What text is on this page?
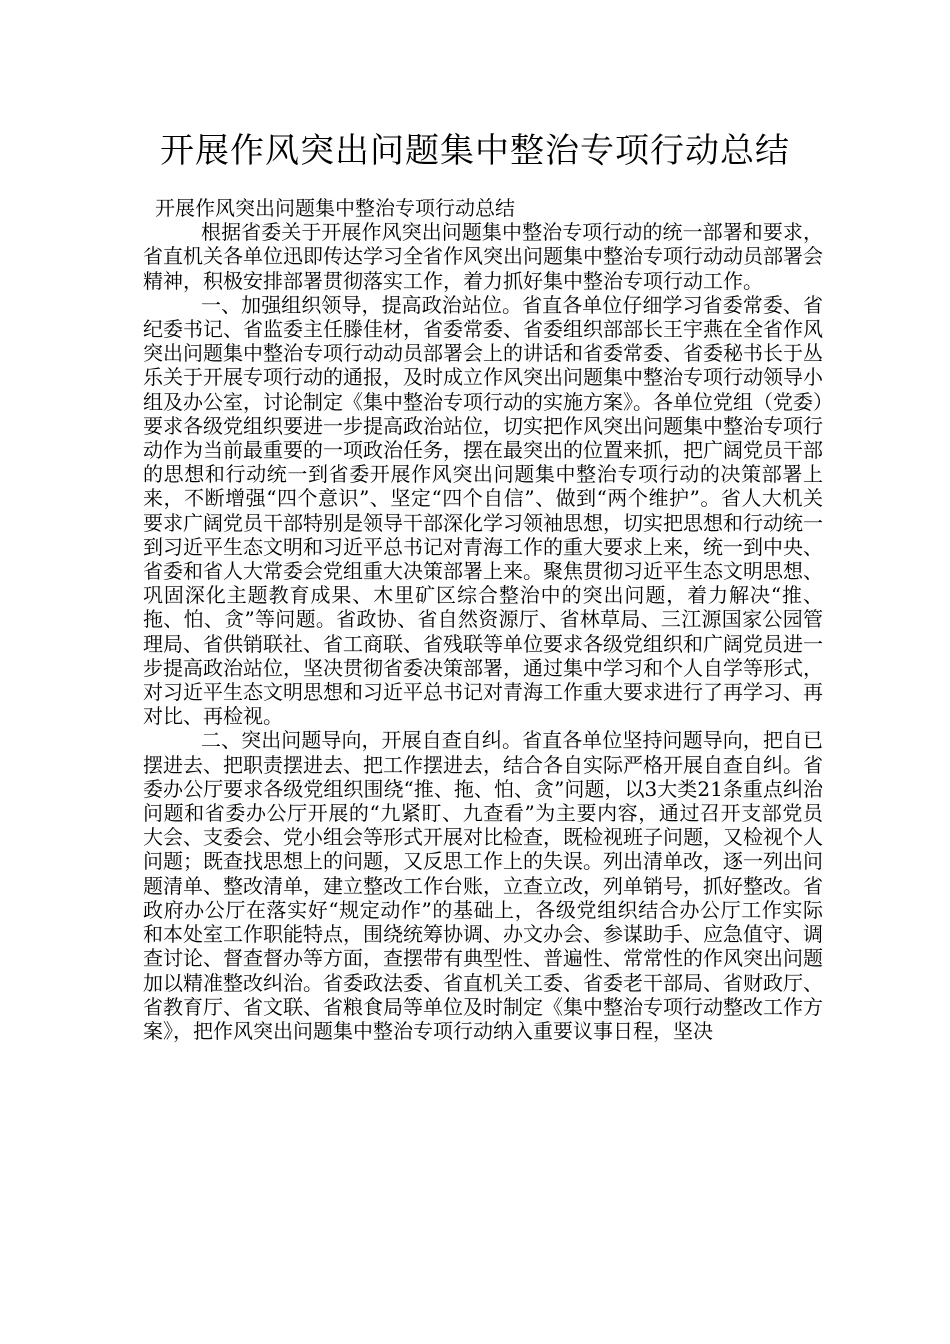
开展作风突出问题集中整治专项行动总结

开展作风突出问题集中整治专项行动总结

根据省委关于开展作风突出问题集中整治专项行动的统一部署和要求，省直机关各单位迅即传达学习全省作风突出问题集中整治专项行动动员部署会精神，积极安排部署贯彻落实工作，着力抓好集中整治专项行动工作。

一、加强组织领导，提高政治站位。省直各单位仔细学习省委常委、省纪委书记、省监委主任滕佳材，省委常委、省委组织部部长王宇燕在全省作风突出问题集中整治专项行动动员部署会上的讲话和省委常委、省委秘书长于丛乐关于开展专项行动的通报，及时成立作风突出问题集中整治专项行动领导小组及办公室，讨论制定《集中整治专项行动的实施方案》。各单位党组（党委）要求各级党组织要进一步提高政治站位，切实把作风突出问题集中整治专项行动作为当前最重要的一项政治任务，摆在最突出的位置来抓，把广阔党员干部的思想和行动统一到省委开展作风突出问题集中整治专项行动的决策部署上来，不断增强“四个意识”、坚定“四个自信”、做到“两个维护”。省人大机关要求广阔党员干部特别是领导干部深化学习领袖思想，切实把思想和行动统一到习近平生态文明和习近平总书记对青海工作的重大要求上来，统一到中央、省委和省人大常委会党组重大决策部署上来。聚焦贯彻习近平生态文明思想、巩固深化主题教育成果、木里矿区综合整治中的突出问题，着力解决“推、拖、怕、贪”等问题。省政协、省自然资源厅、省林草局、三江源国家公园管理局、省供销联社、省工商联、省残联等单位要求各级党组织和广阔党员进一步提高政治站位，坚决贯彻省委决策部署，通过集中学习和个人自学等形式，对习近平生态文明思想和习近平总书记对青海工作重大要求进行了再学习、再对比、再检视。

二、突出问题导向，开展自查自纠。省直各单位坚持问题导向，把自已摆进去、把职责摆进去、把工作摆进去，结合各自实际严格开展自查自纠。省委办公厅要求各级党组织围绕“推、拖、怕、贪”问题，以3大类21条重点纠治问题和省委办公厅开展的“九紧盯、九查看”为主要内容，通过召开支部党员大会、支委会、党小组会等形式开展对比检查，既检视班子问题，又检视个人问题；既查找思想上的问题，又反思工作上的失误。列出清单改，逐一列出问题清单、整改清单，建立整改工作台账，立查立改，列单销号，抓好整改。省政府办公厅在落实好“规定动作”的基础上，各级党组织结合办公厅工作实际和本处室工作职能特点，围绕统筹协调、办文办会、参谋助手、应急值守、调查讨论、督查督办等方面，查摆带有典型性、普遍性、常常性的作风突出问题加以精准整改纠治。省委政法委、省直机关工委、省委老干部局、省财政厅、省教育厅、省文联、省粮食局等单位及时制定《集中整治专项行动整改工作方案》，把作风突出问题集中整治专项行动纳入重要议事日程，坚决
